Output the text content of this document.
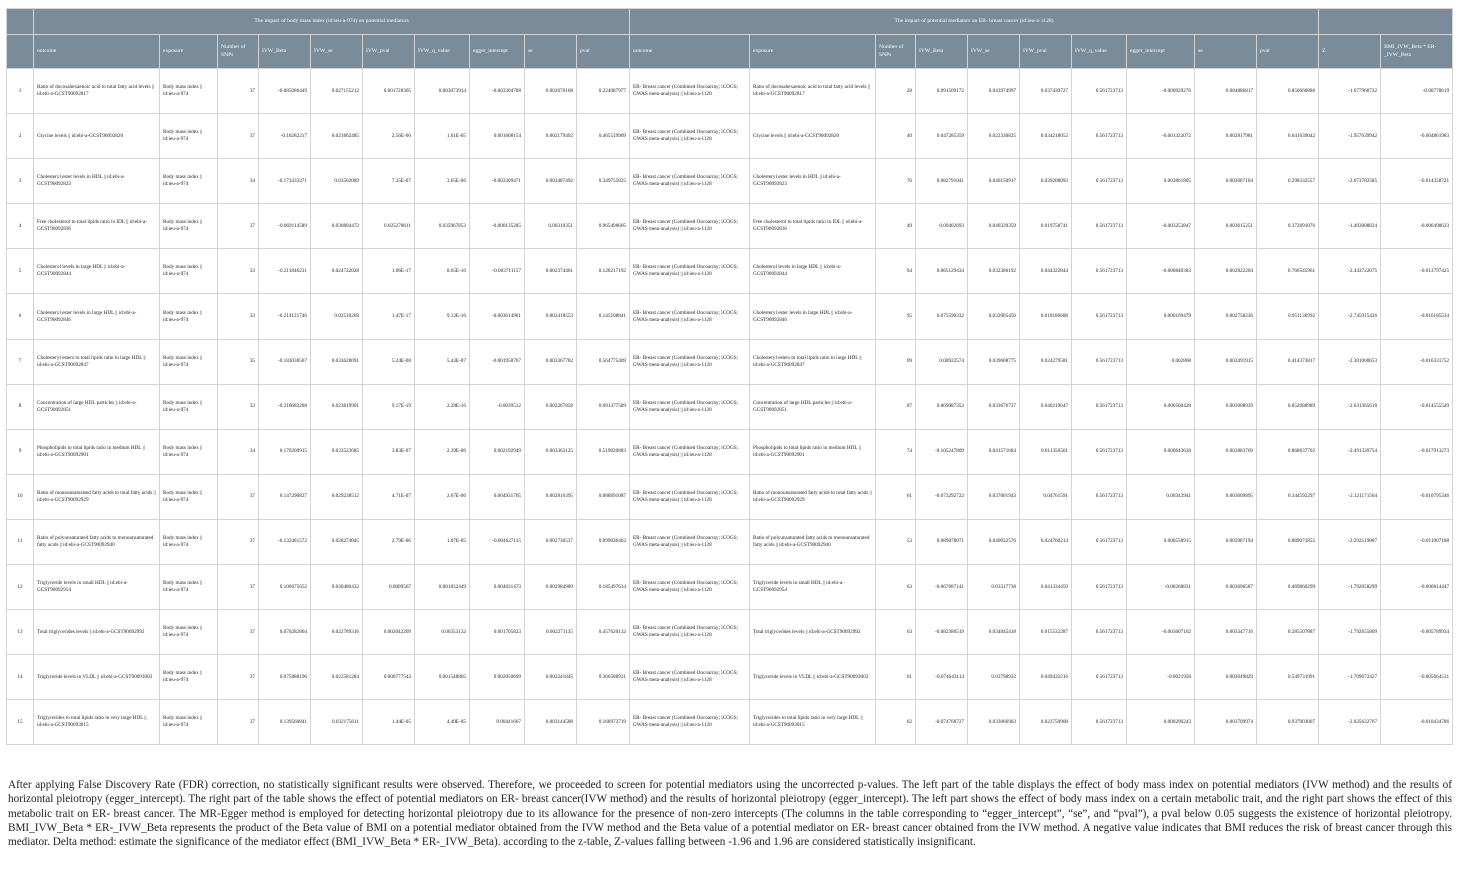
	The impact of body mass index (id:ieu-a-974) on potential mediators										The impact of potential mediators on ER- breast cancer (id:ieu-a-1128)											
	outcome	exposure	Number of SNPs	IVW_Beta	IVW_se	IVW_pval	IVW_q_value	egger_intercept	se	pval	outcome	exposure	Number of SNPs	IVW_Beta	IVW_se	IVW_pval	IVW_q_value	egger_intercept	se	pval	Z	BMI_IVW_Beta * ER-_IVW_Beta
1	Ratio of docosahexaenoic acid to total fatty acid levels || id:ebi-a-GCST90092817	Body mass index || id:ieu-a-974	37	-0.085086449	0.027155212	0.001728305	0.003073914	-0.003304708	0.002670168	0.224087977	ER- Breast cancer (Combined Oncoarray; iCOGS; GWAS meta-analysis) || id:ieu-a-1128	Ratio of docosahexaenoic acid to total fatty acid levels || id:ebi-a-GCST90092817	28	0.091509172	0.043974997	0.037439727	0.561723713	-0.000929276	0.004886817	0.850660886	-1.677960732	-0.00778619
2	Glycine levels || id:ebi-a-GCST90092820	Body mass index || id:ieu-a-974	37	-0.10282217	0.021862485	2.56E-06	1.01E-05	0.001608154	0.002179492	0.465519909	ER- Breast cancer (Combined Oncoarray; iCOGS; GWAS meta-analysis) || id:ieu-a-1128	Glycine levels || id:ebi-a-GCST90092820	40	0.047285359	0.022330825	0.034218052	0.561723713	-0.001322072	0.002817981	0.641639042	-1.957639942	-0.004861983
3	Cholesteryl ester levels in HDL || id:ebi-a-GCST90092823	Body mass index || id:ieu-a-974	34	-0.173433271	0.03502089	7.35E-07	3.65E-06	-0.003309471	0.003487492	0.349755825	ER- Breast cancer (Combined Oncoarray; iCOGS; GWAS meta-analysis) || id:ieu-a-1128	Cholesteryl ester levels in HDL || id:ebi-a-GCST90092823	76	0.082791041	0.040150917	0.039208093	0.561723713	0.003861805	0.003687104	0.298332557	-2.073782585	-0.014358721
4	Free cholesterol to total lipids ratio in IDL || id:ebi-a-GCST90092836	Body mass index || id:ieu-a-974	37	-0.069114589	0.030894472	0.025278611	0.035967853	-0.000135205	0.00310351	0.965498605	ER- Breast cancer (Combined Oncoarray; iCOGS; GWAS meta-analysis) || id:ieu-a-1128	Free cholesterol to total lipids ratio in IDL || id:ebi-a-GCST90092836	49	0.09402693	0.040339359	0.019758741	0.561723713	-0.003253847	0.003615251	0.372691076	-1.493008824	-0.006498633
5	Cholesterol levels in large HDL || id:ebi-a-GCST90092844	Body mass index || id:ieu-a-974	33	-0.211846231	0.024722028	1.06E-17	8.65E-16	-0.003711157	0.002374461	0.128217192	ER- Breast cancer (Combined Oncoarray; iCOGS; GWAS meta-analysis) || id:ieu-a-1128	Cholesterol levels in large HDL || id:ebi-a-GCST90092844	94	0.065129434	0.032386192	0.044322844	0.561723713	-0.000840383	0.002822204	0.766545961	-2.443722075	-0.013797425
6	Cholesteryl ester levels in large HDL || id:ebi-a-GCST90092846	Body mass index || id:ieu-a-974	33	-0.214121746	0.02510269	1.47E-17	9.12E-16	-0.003614961	0.002418553	0.145108841	ER- Breast cancer (Combined Oncoarray; iCOGS; GWAS meta-analysis) || id:ieu-a-1128	Cholesteryl ester levels in large HDL || id:ebi-a-GCST90092846	95	0.075590332	0.032005456	0.018186688	0.561723713	0.000169479	0.002758236	0.951136992	-2.745915426	-0.016185534
7	Cholesteryl esters to total lipids ratio in large HDL || id:ebi-a-GCST90092847	Body mass index || id:ieu-a-974	35	-0.183038567	0.033628091	5.24E-08	5.43E-07	-0.001958767	0.003367782	0.564775409	ER- Breast cancer (Combined Oncoarray; iCOGS; GWAS meta-analysis) || id:ieu-a-1128	Cholesteryl esters to total lipids ratio in large HDL || id:ebi-a-GCST90092847	69	0.08922574	0.039608775	0.024279581	0.561723713	0.002868	0.003491915	0.414373817	-2.301000653	-0.016331752
8	Concentration of large HDL particles || id:ebi-a-GCST90092851	Body mass index || id:ieu-a-974	33	-0.210683268	0.023819901	9.17E-19	2.28E-16	-0.0039512	0.002267858	0.091377589	ER- Breast cancer (Combined Oncoarray; iCOGS; GWAS meta-analysis) || id:ieu-a-1128	Concentration of large HDL particles || id:ebi-a-GCST90092851	87	0.069087353	0.033676737	0.040219647	0.561723713	0.000560428	0.003008939	0.852688989	-2.631365618	-0.014555549
9	Phospholipids to total lipids ratio in medium HDL || id:ebi-a-GCST90092901	Body mass index || id:ieu-a-974	34	0.170200915	0.033523685	3.83E-07	2.39E-06	0.002192949	0.003363125	0.519020883	ER- Breast cancer (Combined Oncoarray; iCOGS; GWAS meta-analysis) || id:ieu-a-1128	Phospholipids to total lipids ratio in medium HDL || id:ebi-a-GCST90092901	74	-0.105247809	0.041571684	0.011350501	0.561723713	0.000643638	0.003883769	0.868837702	-2.491339754	-0.017913273
10	Ratio of monounsaturated fatty acids to total fatty acids || id:ebi-a-GCST90092929	Body mass index || id:ieu-a-974	37	0.147290827	0.029238512	4.71E-07	2.67E-06	0.004931765	0.002816395	0.088691087	ER- Breast cancer (Combined Oncoarray; iCOGS; GWAS meta-analysis) || id:ieu-a-1128	Ratio of monounsaturated fatty acids to total fatty acids || id:ebi-a-GCST90092929	61	-0.073292722	0.037001943	0.04761591	0.561723713	0.00343941	0.003609895	0.344592297	-2.121171564	-0.010795346
11	Ratio of polyunsaturated fatty acids to monounsaturated fatty acids || id:ebi-a-GCST90092940	Body mass index || id:ieu-a-974	37	-0.132481572	0.028274045	2.79E-06	1.07E-05	-0.004627115	0.002730537	0.099036462	ER- Breast cancer (Combined Oncoarray; iCOGS; GWAS meta-analysis) || id:ieu-a-1128	Ratio of polyunsaturated fatty acids to monounsaturated fatty acids || id:ebi-a-GCST90092940	53	0.089878071	0.040032576	0.024760214	0.561723713	0.000558915	0.003987194	0.889071855	-2.292519887	-0.011907188
12	Triglyceride levels in small HDL || id:ebi-a-GCST90092954	Body mass index || id:ieu-a-974	37	0.100675652	0.030480432	0.0009567	0.001832449	0.004031473	0.002984989	0.185497634	ER- Breast cancer (Combined Oncoarray; iCOGS; GWAS meta-analysis) || id:ieu-a-1128	Triglyceride levels in small HDL || id:ebi-a-GCST90092954	63	-0.067687141	0.03317738	0.041334459	0.561723713	-0.00268831	0.003696587	0.469860299	-1.792058299	-0.006814447
13	Total triglycerides levels || id:ebi-a-GCST90092992	Body mass index || id:ieu-a-974	37	0.070282804	0.022789316	0.002042209	0.00353132	0.001705823	0.002271135	0.457620132	ER- Breast cancer (Combined Oncoarray; iCOGS; GWAS meta-analysis) || id:ieu-a-1128	Total triglycerides levels || id:ebi-a-GCST90092992	63	-0.082380519	0.034045418	0.015532287	0.561723713	-0.003607102	0.003347716	0.285507887	-1.792655809	-0.005789934
14	Triglyceride levels in VLDL || id:ebi-a-GCST90093003	Body mass index || id:ieu-a-974	37	0.075888196	0.022581284	0.000777543	0.001548865	0.002050699	0.002241845	0.366588931	ER- Breast cancer (Combined Oncoarray; iCOGS; GWAS meta-analysis) || id:ieu-a-1128	Triglyceride levels in VLDL || id:ebi-a-GCST90093003	61	-0.074643114	0.03798932	0.049432216	0.561723713	-0.0021958	0.003649829	0.549731991	-1.709672427	-0.005664531
15	Triglycerides to total lipids ratio in very large HDL || id:ebi-a-GCST90093015	Body mass index || id:ieu-a-974	37	0.139560841	0.032175611	1.44E-05	4.49E-05	0.00441667	0.003144588	0.168973719	ER- Breast cancer (Combined Oncoarray; iCOGS; GWAS meta-analysis) || id:ieu-a-1128	Triglycerides to total lipids ratio in very large HDL || id:ebi-a-GCST90093015	62	-0.074768727	0.033066903	0.023750908	0.561723713	0.000290243	0.003709974	0.937903007	-2.035622767	-0.010434786

After applying False Discovery Rate (FDR) correction, no statistically significant results were observed. Therefore, we proceeded to screen for potential mediators using the uncorrected p-values. The left part of the table displays the effect of body mass index on potential mediators (IVW method) and the results of horizontal pleiotropy (egger_intercept). The right part of the table shows the effect of potential mediators on ER- breast cancer(IVW method) and the results of horizontal pleiotropy (egger_intercept). The left part shows the effect of body mass index on a certain metabolic trait, and the right part shows the effect of this metabolic trait on ER- breast cancer. The MR-Egger method is employed for detecting horizontal pleiotropy due to its allowance for the presence of non-zero intercepts (The columns in the table corresponding to “egger_intercept”, “se”, and “pval”), a pval below 0.05 suggests the existence of horizontal pleiotropy. BMI_IVW_Beta * ER-_IVW_Beta represents the product of the Beta value of BMI on a potential mediator obtained from the IVW method and the Beta value of a potential mediator on ER- breast cancer obtained from the IVW method. A negative value indicates that BMI reduces the risk of breast cancer through this mediator. Delta method: estimate the significance of the mediator effect (BMI_IVW_Beta * ER-_IVW_Beta). according to the z-table, Z-values falling between -1.96 and 1.96 are considered statistically insignificant.
